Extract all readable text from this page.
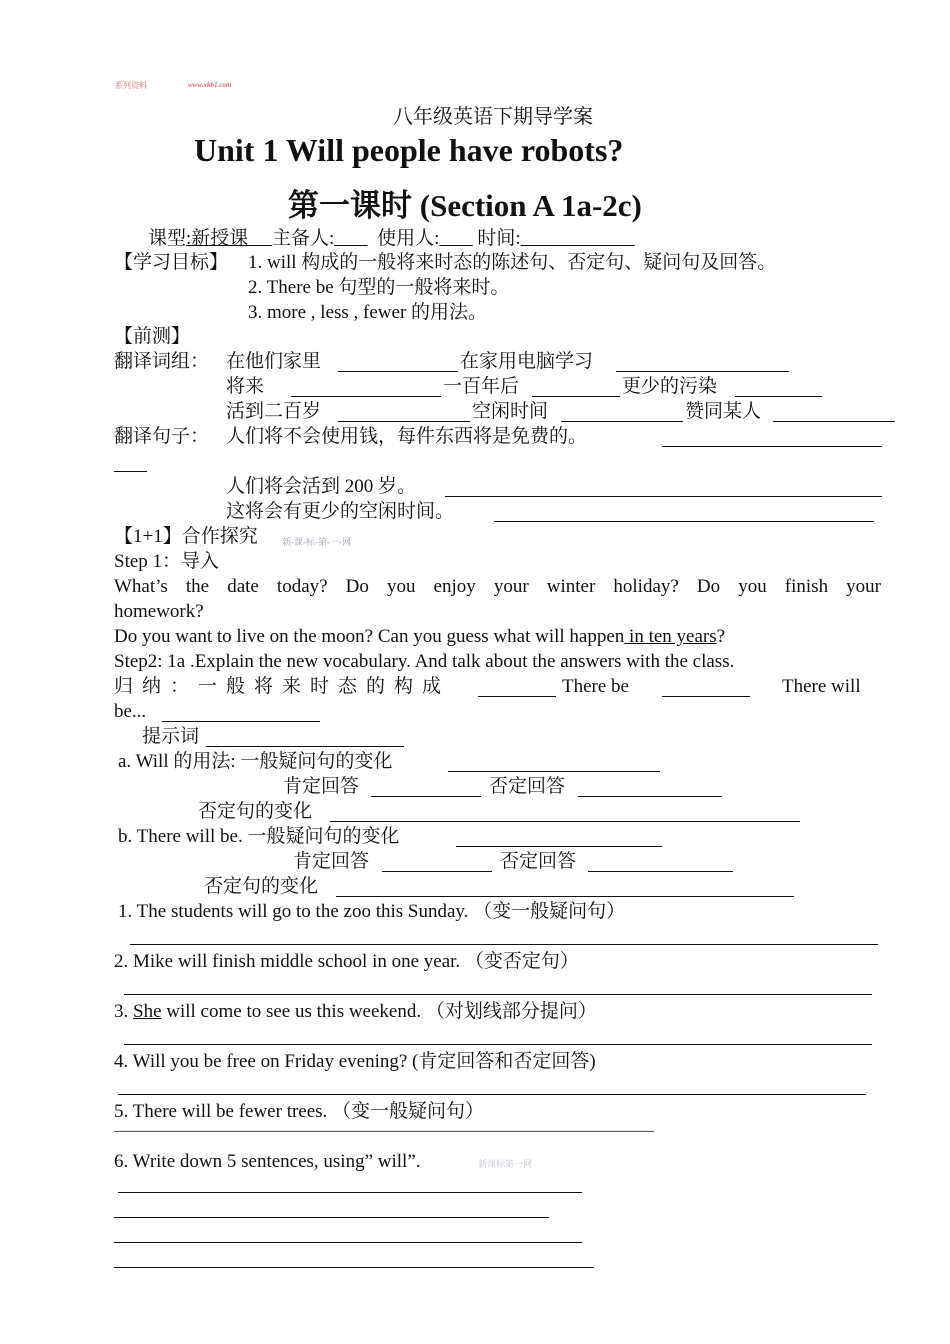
系列资料	www.xkb1.com
八年级英语下期导学案
Unit 1 Will people have robots?
第一课时 (Section A 1a-2c)
课型:新授课 主备人: 使用人: 时间:
【学习目标】 1. will 构成的一般将来时态的陈述句、否定句、疑问句及回答。
2. There be 句型的一般将来时。
3. more , less , fewer 的用法。
【前测】
翻译词组： 在他们家里	在家用电脑学习
将来	一百年后	更少的污染
活到二百岁	空闲时间	赞同某人
翻译句子： 人们将不会使用钱，每件东西将是免费的。
人们将会活到 200 岁。
这将会有更少的空闲时间。
【1+1】合作探究	新-课-标-第-一-网
Step 1：导入
What’s the date today? Do you enjoy your winter holiday? Do you finish your
homework?
Do you want to live on the moon? Can you guess what will happen in ten years?
Step2: 1a .Explain the new vocabulary. And talk about the answers with the class.
归纳：一般将来时态的构成	There be	There will
be...
提示词
a. Will 的用法: 一般疑问句的变化
肯定回答	否定回答
否定句的变化
b. There will be. 一般疑问句的变化
肯定回答	否定回答
否定句的变化
1. The students will go to the zoo this Sunday. （变一般疑问句）
2. Mike will finish middle school in one year. （变否定句）
3. She will come to see us this weekend. （对划线部分提问）
4. Will you be free on Friday evening? (肯定回答和否定回答)
5. There will be fewer trees. （变一般疑问句）
————————————————————————————————————
6. Write down 5 sentences, using” will”.	新课标第一网
